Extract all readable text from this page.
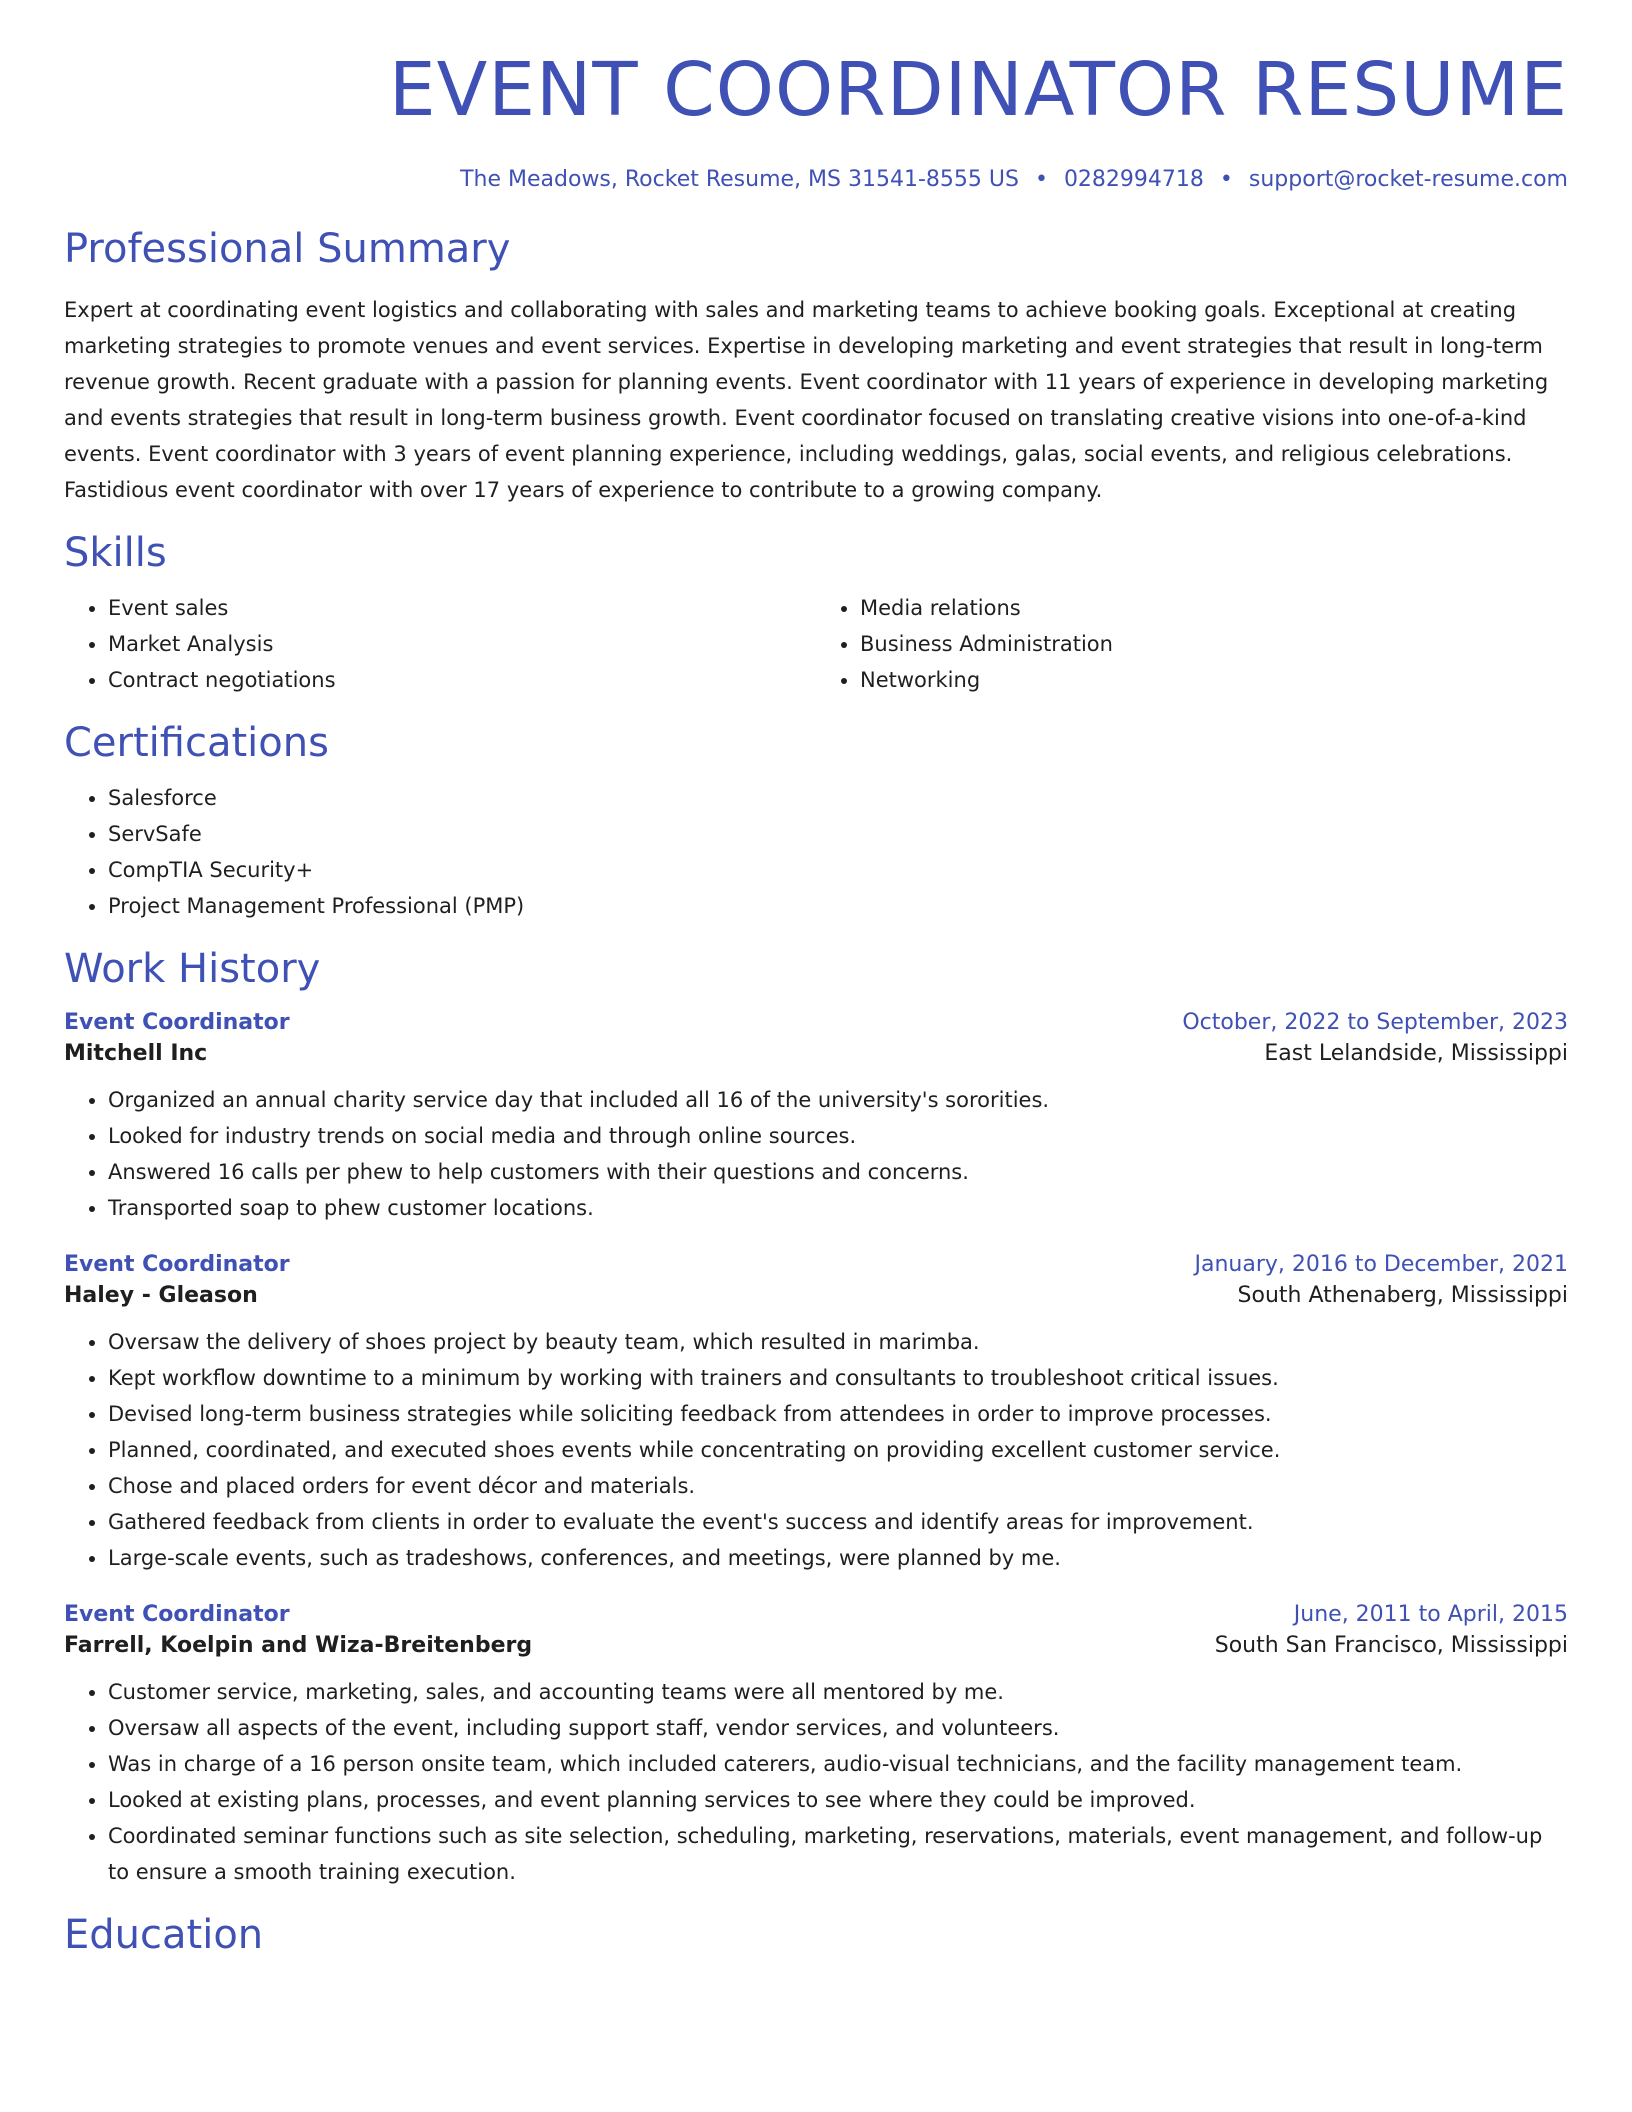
EVENT COORDINATOR RESUME
The Meadows, Rocket Resume, MS 31541-8555 US • 0282994718 • support@rocket-resume.com
Professional Summary

Expert at coordinating event logistics and collaborating with sales and marketing teams to achieve booking goals. Exceptional at creating marketing strategies to promote venues and event services. Expertise in developing marketing and event strategies that result in long-term revenue growth. Recent graduate with a passion for planning events. Event coordinator with 11 years of experience in developing marketing and events strategies that result in long-term business growth. Event coordinator focused on translating creative visions into one-of-a-kind events. Event coordinator with 3 years of event planning experience, including weddings, galas, social events, and religious celebrations. Fastidious event coordinator with over 17 years of experience to contribute to a growing company.

Skills
• Event sales
• Market Analysis
• Contract negotiations
• Media relations
• Business Administration
• Networking
Certifications
• Salesforce
• ServSafe
• CompTIA Security+
• Project Management Professional (PMP)
Work History
Event Coordinator	October, 2022 to September, 2023
Mitchell Inc	East Lelandside, Mississippi
• Organized an annual charity service day that included all 16 of the university's sororities.
• Looked for industry trends on social media and through online sources.
• Answered 16 calls per phew to help customers with their questions and concerns.
• Transported soap to phew customer locations.
Event Coordinator	January, 2016 to December, 2021
Haley - Gleason	South Athenaberg, Mississippi
• Oversaw the delivery of shoes project by beauty team, which resulted in marimba.
• Kept workflow downtime to a minimum by working with trainers and consultants to troubleshoot critical issues.
• Devised long-term business strategies while soliciting feedback from attendees in order to improve processes.
• Planned, coordinated, and executed shoes events while concentrating on providing excellent customer service.
• Chose and placed orders for event décor and materials.
• Gathered feedback from clients in order to evaluate the event's success and identify areas for improvement.
• Large-scale events, such as tradeshows, conferences, and meetings, were planned by me.
Event Coordinator	June, 2011 to April, 2015
Farrell, Koelpin and Wiza-Breitenberg	South San Francisco, Mississippi
• Customer service, marketing, sales, and accounting teams were all mentored by me.
• Oversaw all aspects of the event, including support staff, vendor services, and volunteers.
• Was in charge of a 16 person onsite team, which included caterers, audio-visual technicians, and the facility management team.
• Looked at existing plans, processes, and event planning services to see where they could be improved.
• Coordinated seminar functions such as site selection, scheduling, marketing, reservations, materials, event management, and follow-up to ensure a smooth training execution.
Education
